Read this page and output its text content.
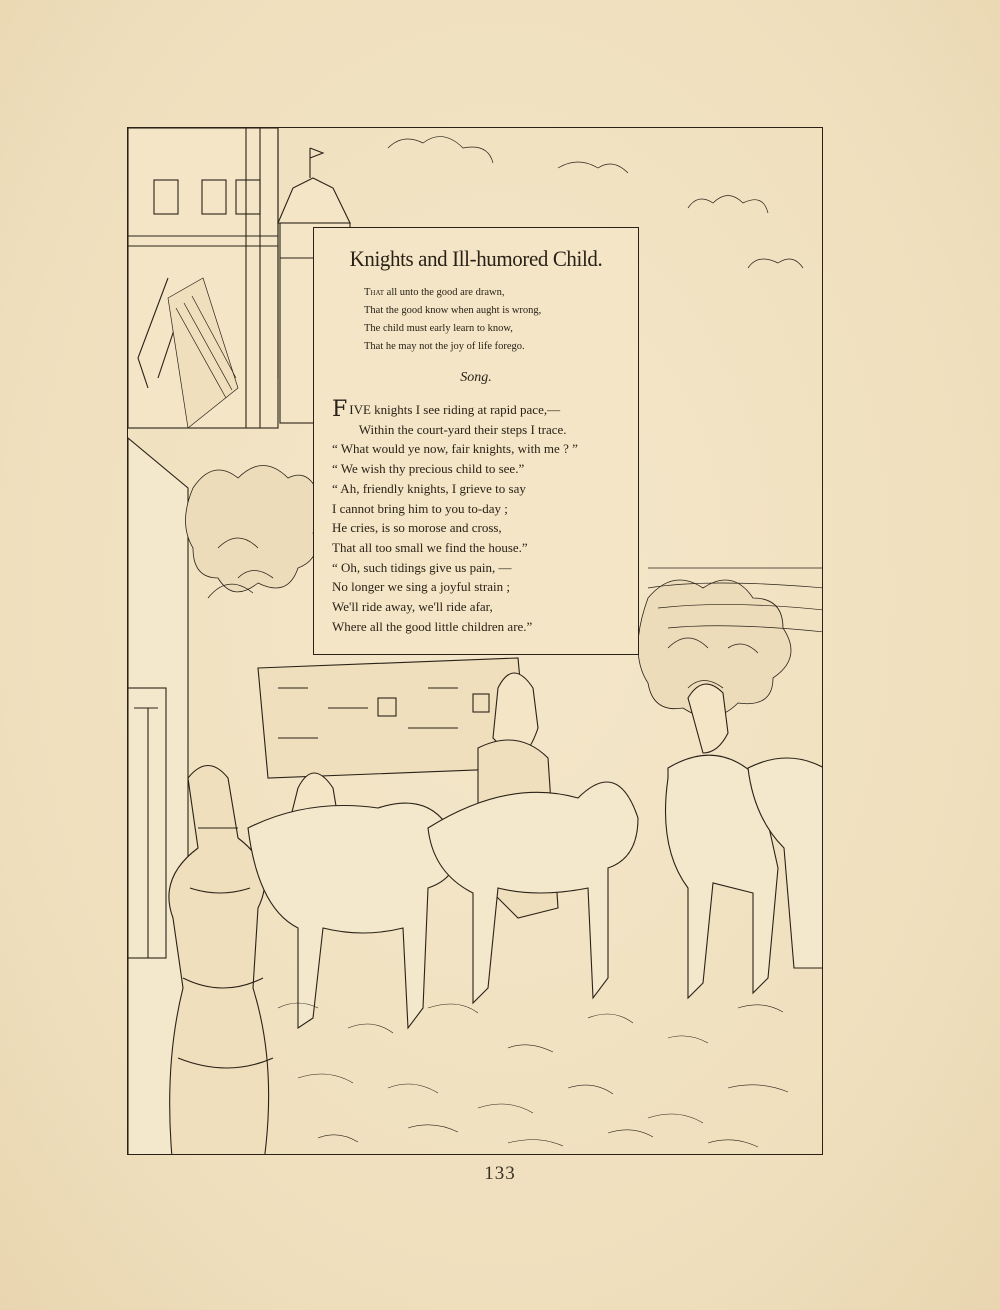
Knights and Ill-humored Child.
That all unto the good are drawn,
That the good know when aught is wrong,
The child must early learn to know,
That he may not the joy of life forego.
Song.
FIVE knights I see riding at rapid pace,—
Within the court-yard their steps I trace.
“ What would ye now, fair knights, with me ? ”
“ We wish thy precious child to see.”
“ Ah, friendly knights, I grieve to say
I cannot bring him to you to-day ;
He cries, is so morose and cross,
That all too small we find the house.”
“ Oh, such tidings give us pain, —
No longer we sing a joyful strain ;
We'll ride away, we'll ride afar,
Where all the good little children are.”
133
